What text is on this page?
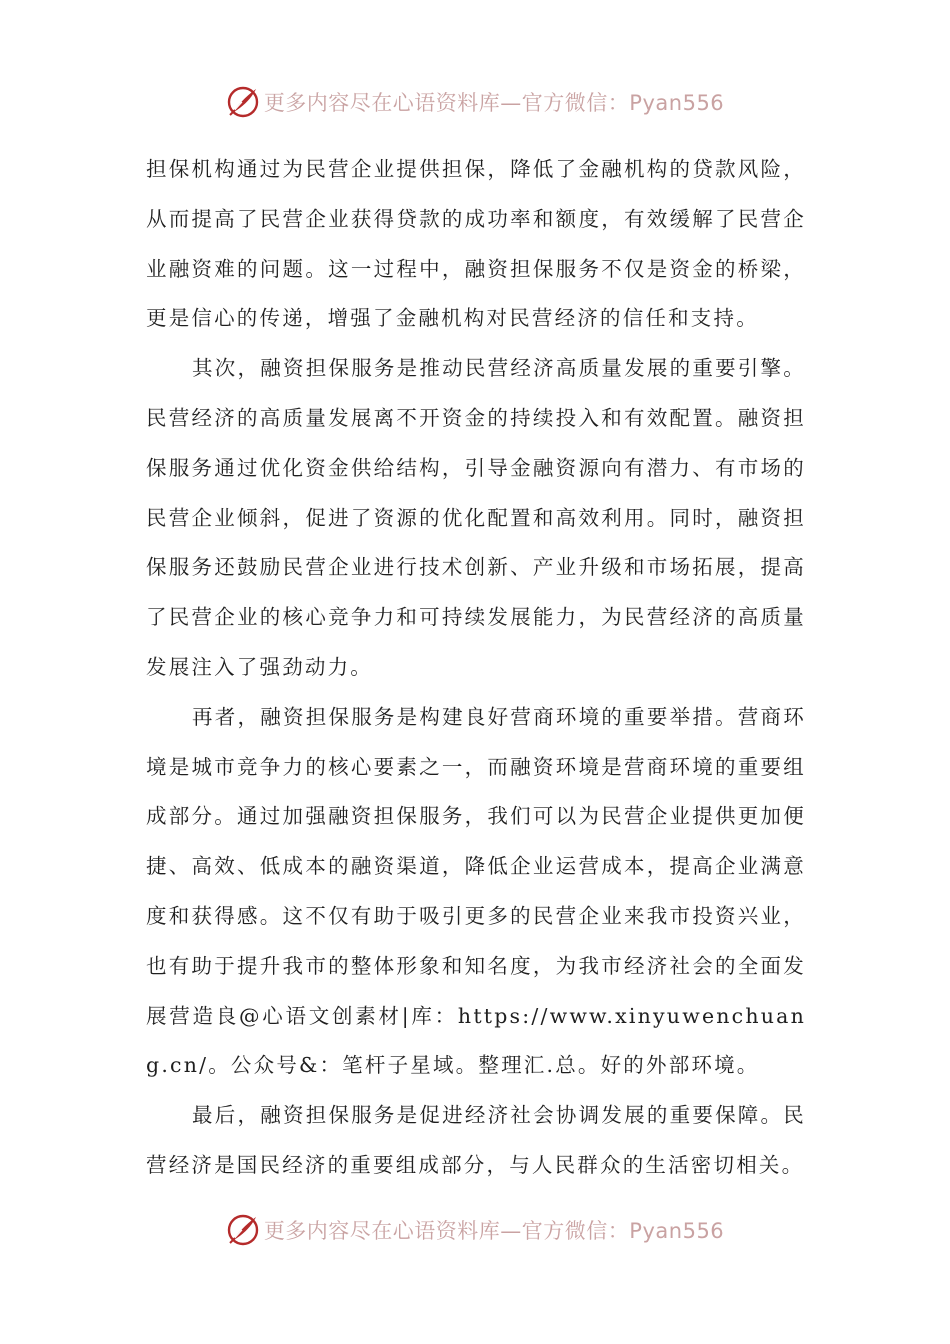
更多内容尽在心语资料库—官方微信：Pyan556

担保机构通过为民营企业提供担保，降低了金融机构的贷款风险，从而提高了民营企业获得贷款的成功率和额度，有效缓解了民营企业融资难的问题。这一过程中，融资担保服务不仅是资金的桥梁，更是信心的传递，增强了金融机构对民营经济的信任和支持。

其次，融资担保服务是推动民营经济高质量发展的重要引擎。民营经济的高质量发展离不开资金的持续投入和有效配置。融资担保服务通过优化资金供给结构，引导金融资源向有潜力、有市场的民营企业倾斜，促进了资源的优化配置和高效利用。同时，融资担保服务还鼓励民营企业进行技术创新、产业升级和市场拓展，提高了民营企业的核心竞争力和可持续发展能力，为民营经济的高质量发展注入了强劲动力。

再者，融资担保服务是构建良好营商环境的重要举措。营商环境是城市竞争力的核心要素之一，而融资环境是营商环境的重要组成部分。通过加强融资担保服务，我们可以为民营企业提供更加便捷、高效、低成本的融资渠道，降低企业运营成本，提高企业满意度和获得感。这不仅有助于吸引更多的民营企业来我市投资兴业，也有助于提升我市的整体形象和知名度，为我市经济社会的全面发展营造良@心语文创素材|库：https://www.xinyuwenchuang.cn/。公众号&：笔杆子星域。整理汇.总。好的外部环境。

最后，融资担保服务是促进经济社会协调发展的重要保障。民营经济是国民经济的重要组成部分，与人民群众的生活密切相关。

更多内容尽在心语资料库—官方微信：Pyan556
